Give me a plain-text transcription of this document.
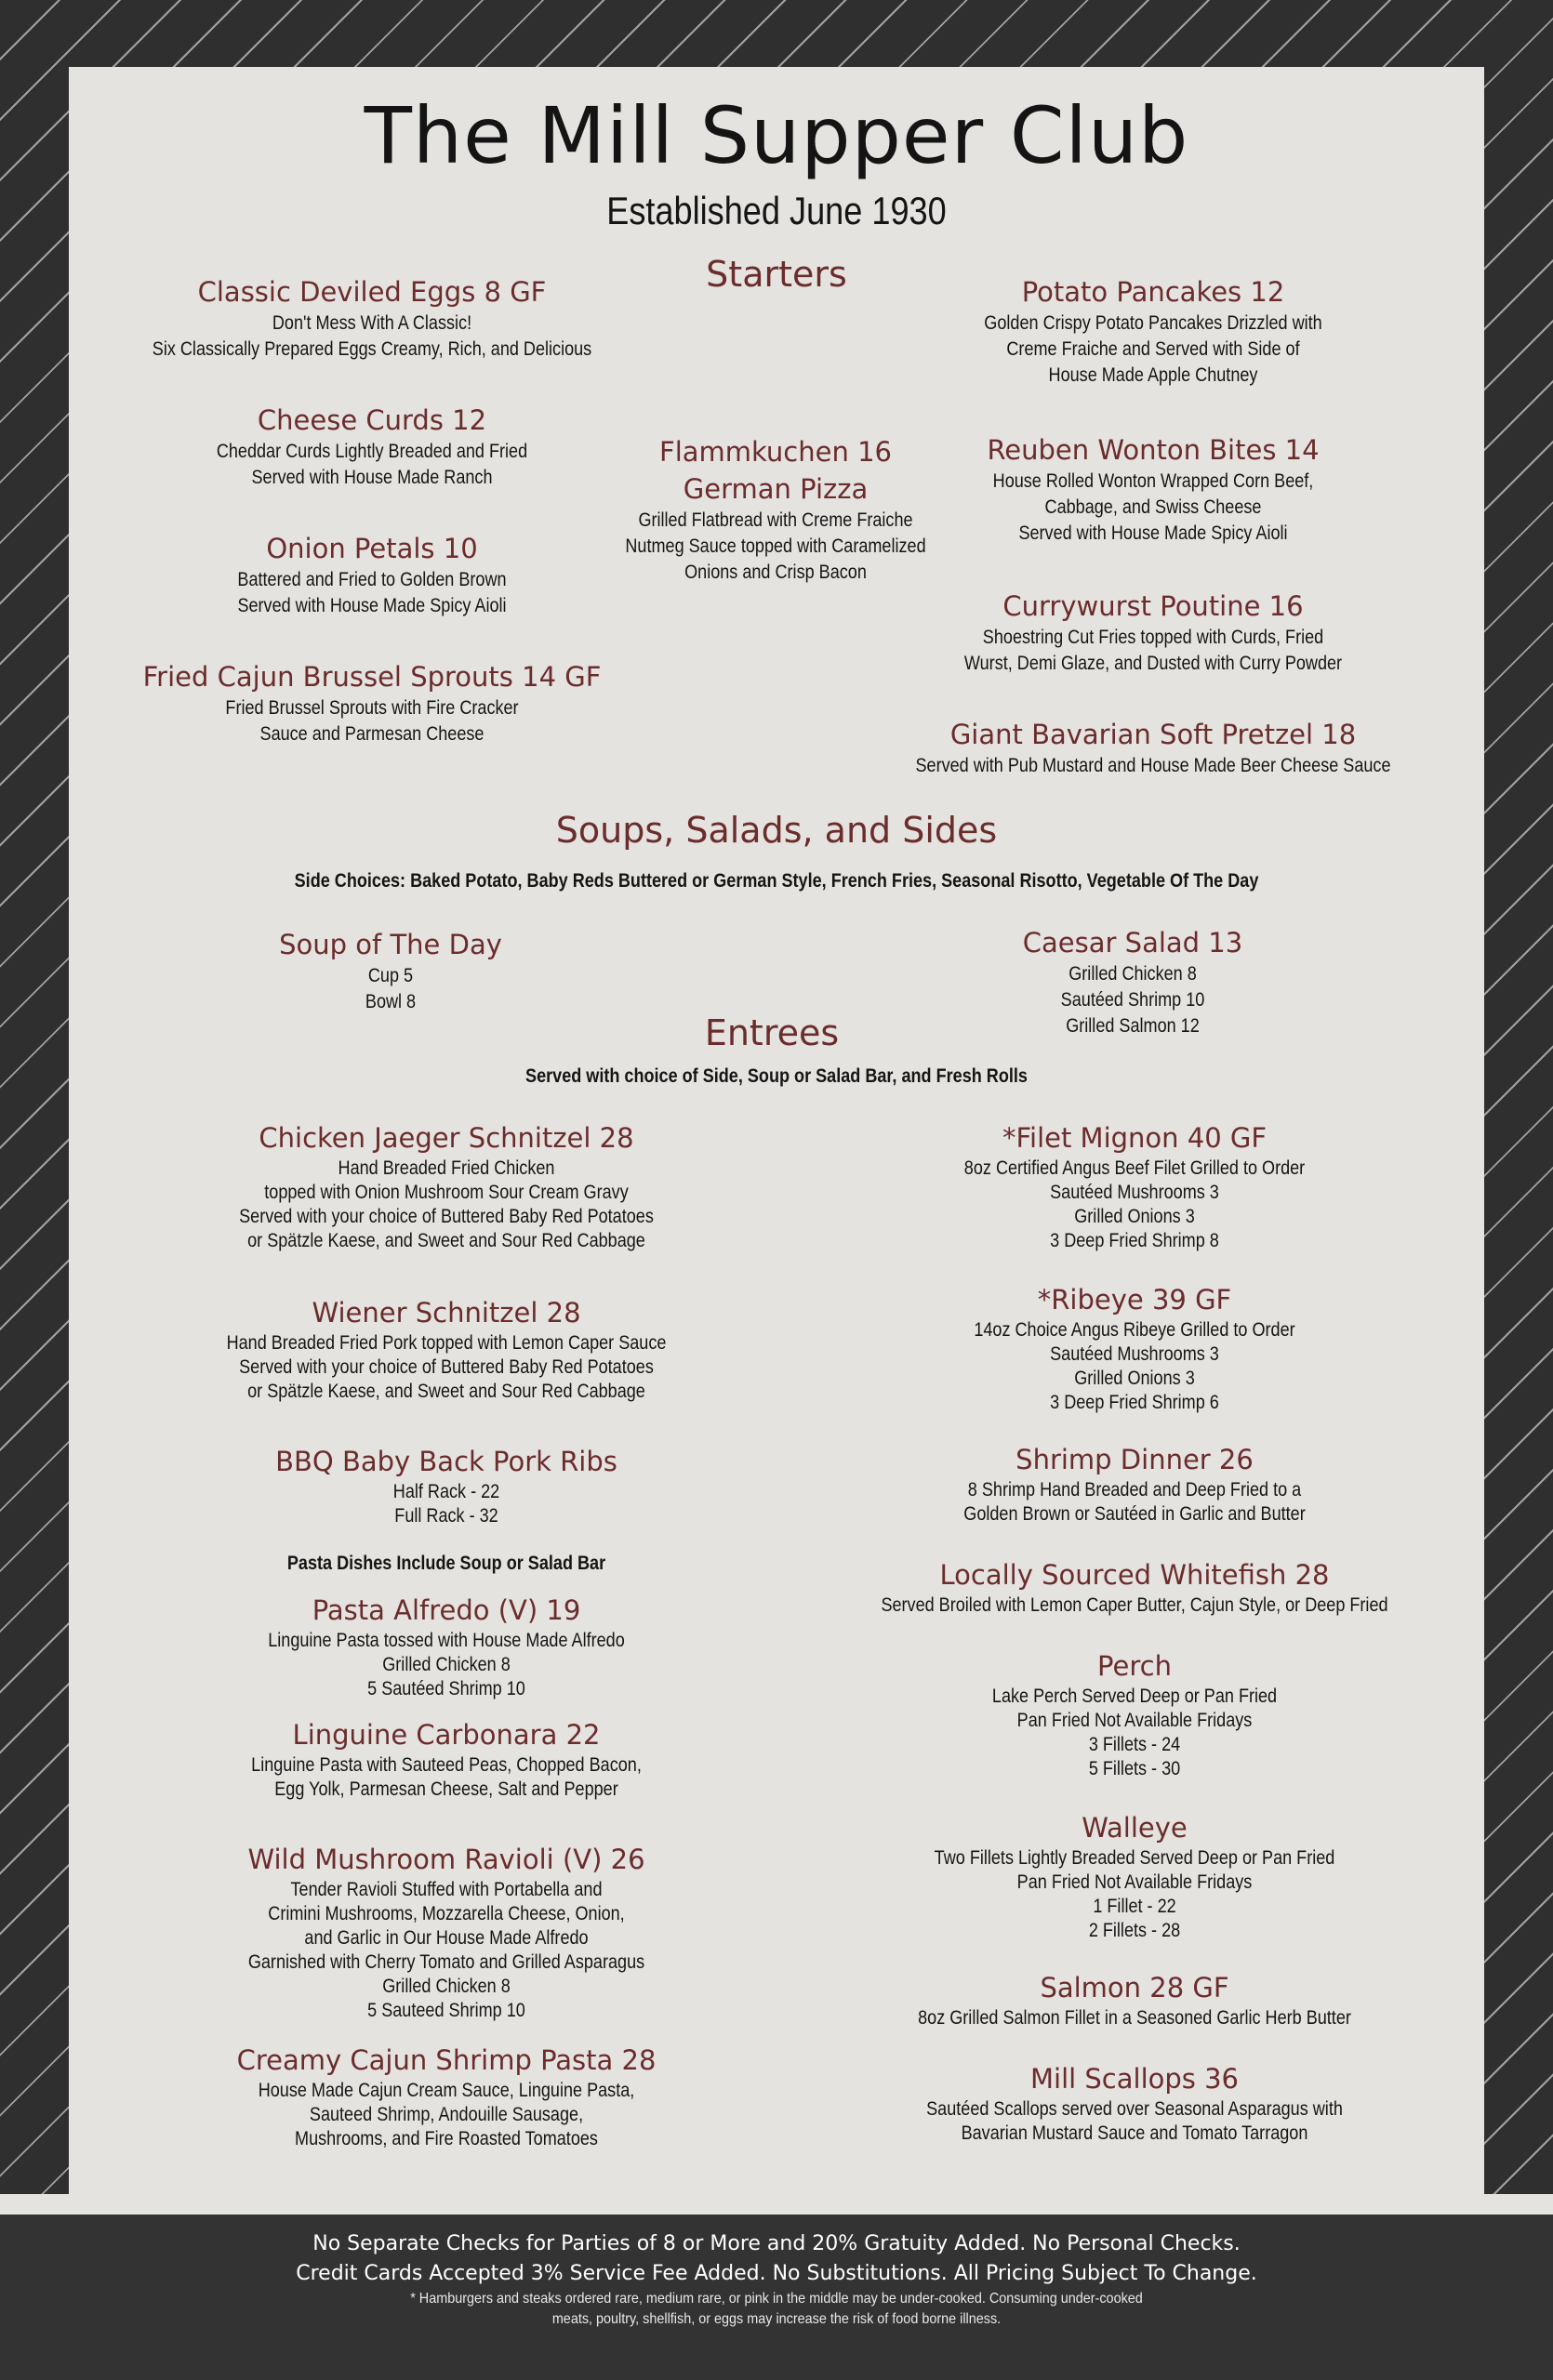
The Mill Supper Club
Established June 1930
Starters
Classic Deviled Eggs 8 GF
Don't Mess With A Classic!
Six Classically Prepared Eggs Creamy, Rich, and Delicious
Cheese Curds 12
Cheddar Curds Lightly Breaded and Fried
Served with House Made Ranch
Onion Petals 10
Battered and Fried to Golden Brown
Served with House Made Spicy Aioli
Fried Cajun Brussel Sprouts 14 GF
Fried Brussel Sprouts with Fire Cracker
Sauce and Parmesan Cheese
Flammkuchen 16
German Pizza
Grilled Flatbread with Creme Fraiche
Nutmeg Sauce topped with Caramelized
Onions and Crisp Bacon
Potato Pancakes 12
Golden Crispy Potato Pancakes Drizzled with
Creme Fraiche and Served with Side of
House Made Apple Chutney
Reuben Wonton Bites 14
House Rolled Wonton Wrapped Corn Beef,
Cabbage, and Swiss Cheese
Served with House Made Spicy Aioli
Currywurst Poutine 16
Shoestring Cut Fries topped with Curds, Fried
Wurst, Demi Glaze, and Dusted with Curry Powder
Giant Bavarian Soft Pretzel 18
Served with Pub Mustard and House Made Beer Cheese Sauce
Soups, Salads, and Sides
Side Choices: Baked Potato, Baby Reds Buttered or German Style, French Fries, Seasonal Risotto, Vegetable Of The Day
Soup of The Day
Cup 5
Bowl 8
Caesar Salad 13
Grilled Chicken 8
Sautéed Shrimp 10
Grilled Salmon 12
Entrees
Served with choice of Side, Soup or Salad Bar, and Fresh Rolls
Chicken Jaeger Schnitzel 28
Hand Breaded Fried Chicken
topped with Onion Mushroom Sour Cream Gravy
Served with your choice of Buttered Baby Red Potatoes
or Spätzle Kaese, and Sweet and Sour Red Cabbage
Wiener Schnitzel 28
Hand Breaded Fried Pork topped with Lemon Caper Sauce
Served with your choice of Buttered Baby Red Potatoes
or Spätzle Kaese, and Sweet and Sour Red Cabbage
BBQ Baby Back Pork Ribs
Half Rack - 22
Full Rack - 32
Pasta Dishes Include Soup or Salad Bar
Pasta Alfredo (V) 19
Linguine Pasta tossed with House Made Alfredo
Grilled Chicken 8
5 Sautéed Shrimp 10
Linguine Carbonara 22
Linguine Pasta with Sauteed Peas, Chopped Bacon,
Egg Yolk, Parmesan Cheese, Salt and Pepper
Wild Mushroom Ravioli (V) 26
Tender Ravioli Stuffed with Portabella and
Crimini Mushrooms, Mozzarella Cheese, Onion,
and Garlic in Our House Made Alfredo
Garnished with Cherry Tomato and Grilled Asparagus
Grilled Chicken 8
5 Sauteed Shrimp 10
Creamy Cajun Shrimp Pasta 28
House Made Cajun Cream Sauce, Linguine Pasta,
Sauteed Shrimp, Andouille Sausage,
Mushrooms, and Fire Roasted Tomatoes
*Filet Mignon 40 GF
8oz Certified Angus Beef Filet Grilled to Order
Sautéed Mushrooms 3
Grilled Onions 3
3 Deep Fried Shrimp 8
*Ribeye 39 GF
14oz Choice Angus Ribeye Grilled to Order
Sautéed Mushrooms 3
Grilled Onions 3
3 Deep Fried Shrimp 6
Shrimp Dinner 26
8 Shrimp Hand Breaded and Deep Fried to a
Golden Brown or Sautéed in Garlic and Butter
Locally Sourced Whitefish 28
Served Broiled with Lemon Caper Butter, Cajun Style, or Deep Fried
Perch
Lake Perch Served Deep or Pan Fried
Pan Fried Not Available Fridays
3 Fillets - 24
5 Fillets - 30
Walleye
Two Fillets Lightly Breaded Served Deep or Pan Fried
Pan Fried Not Available Fridays
1 Fillet - 22
2 Fillets - 28
Salmon 28 GF
8oz Grilled Salmon Fillet in a Seasoned Garlic Herb Butter
Mill Scallops 36
Sautéed Scallops served over Seasonal Asparagus with
Bavarian Mustard Sauce and Tomato Tarragon
No Separate Checks for Parties of 8 or More and 20% Gratuity Added. No Personal Checks.
Credit Cards Accepted 3% Service Fee Added. No Substitutions. All Pricing Subject To Change.
* Hamburgers and steaks ordered rare, medium rare, or pink in the middle may be under-cooked. Consuming under-cooked
meats, poultry, shellfish, or eggs may increase the risk of food borne illness.
